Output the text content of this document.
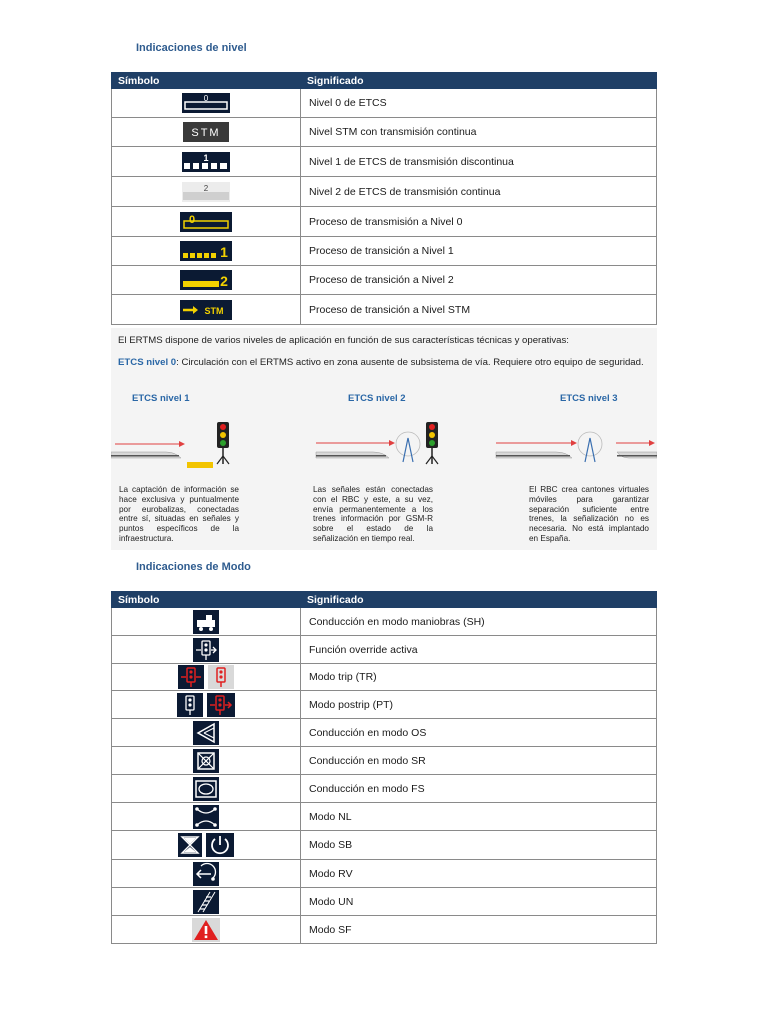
Indicaciones de nivel
Símbolo	Significado

0	Nivel 0 de ETCS

STM	Nivel STM con transmisión continua

1	Nivel 1 de ETCS de transmisión discontinua

2	Nivel 2 de ETCS de transmisión continua

0	Proceso de transmisión a Nivel 0

1	Proceso de transición a Nivel 1

2	Proceso de transición a Nivel 2

STM	Proceso de transición a Nivel STM
El ERTMS dispone de varios niveles de aplicación en función de sus características técnicas y operativas:
ETCS nivel 0: Circulación con el ERTMS activo en zona ausente de subsistema de vía. Requiere otro equipo de seguridad.
ETCS nivel 1	ETCS nivel 2	ETCS nivel 3
La captación de información se hace exclusiva y puntualmente por eurobalizas, conectadas entre sí, situadas en señales y puntos específicos de la infraestructura.
Las señales están conectadas con el RBC y este, a su vez, envía permanentemente a los trenes información por GSM-R sobre el estado de la señalización en tiempo real.
El RBC crea cantones virtuales móviles para garantizar separación suficiente entre trenes, la señalización no es necesaria. No está implantado en España.
Indicaciones de Modo
Símbolo	Significado

	Conducción en modo maniobras (SH)

	Función override activa

	Modo trip (TR)

	Modo postrip (PT)

	Conducción en modo OS

	Conducción en modo SR

	Conducción en modo FS

	Modo NL

	Modo SB

	Modo RV

	Modo UN

	Modo SF
